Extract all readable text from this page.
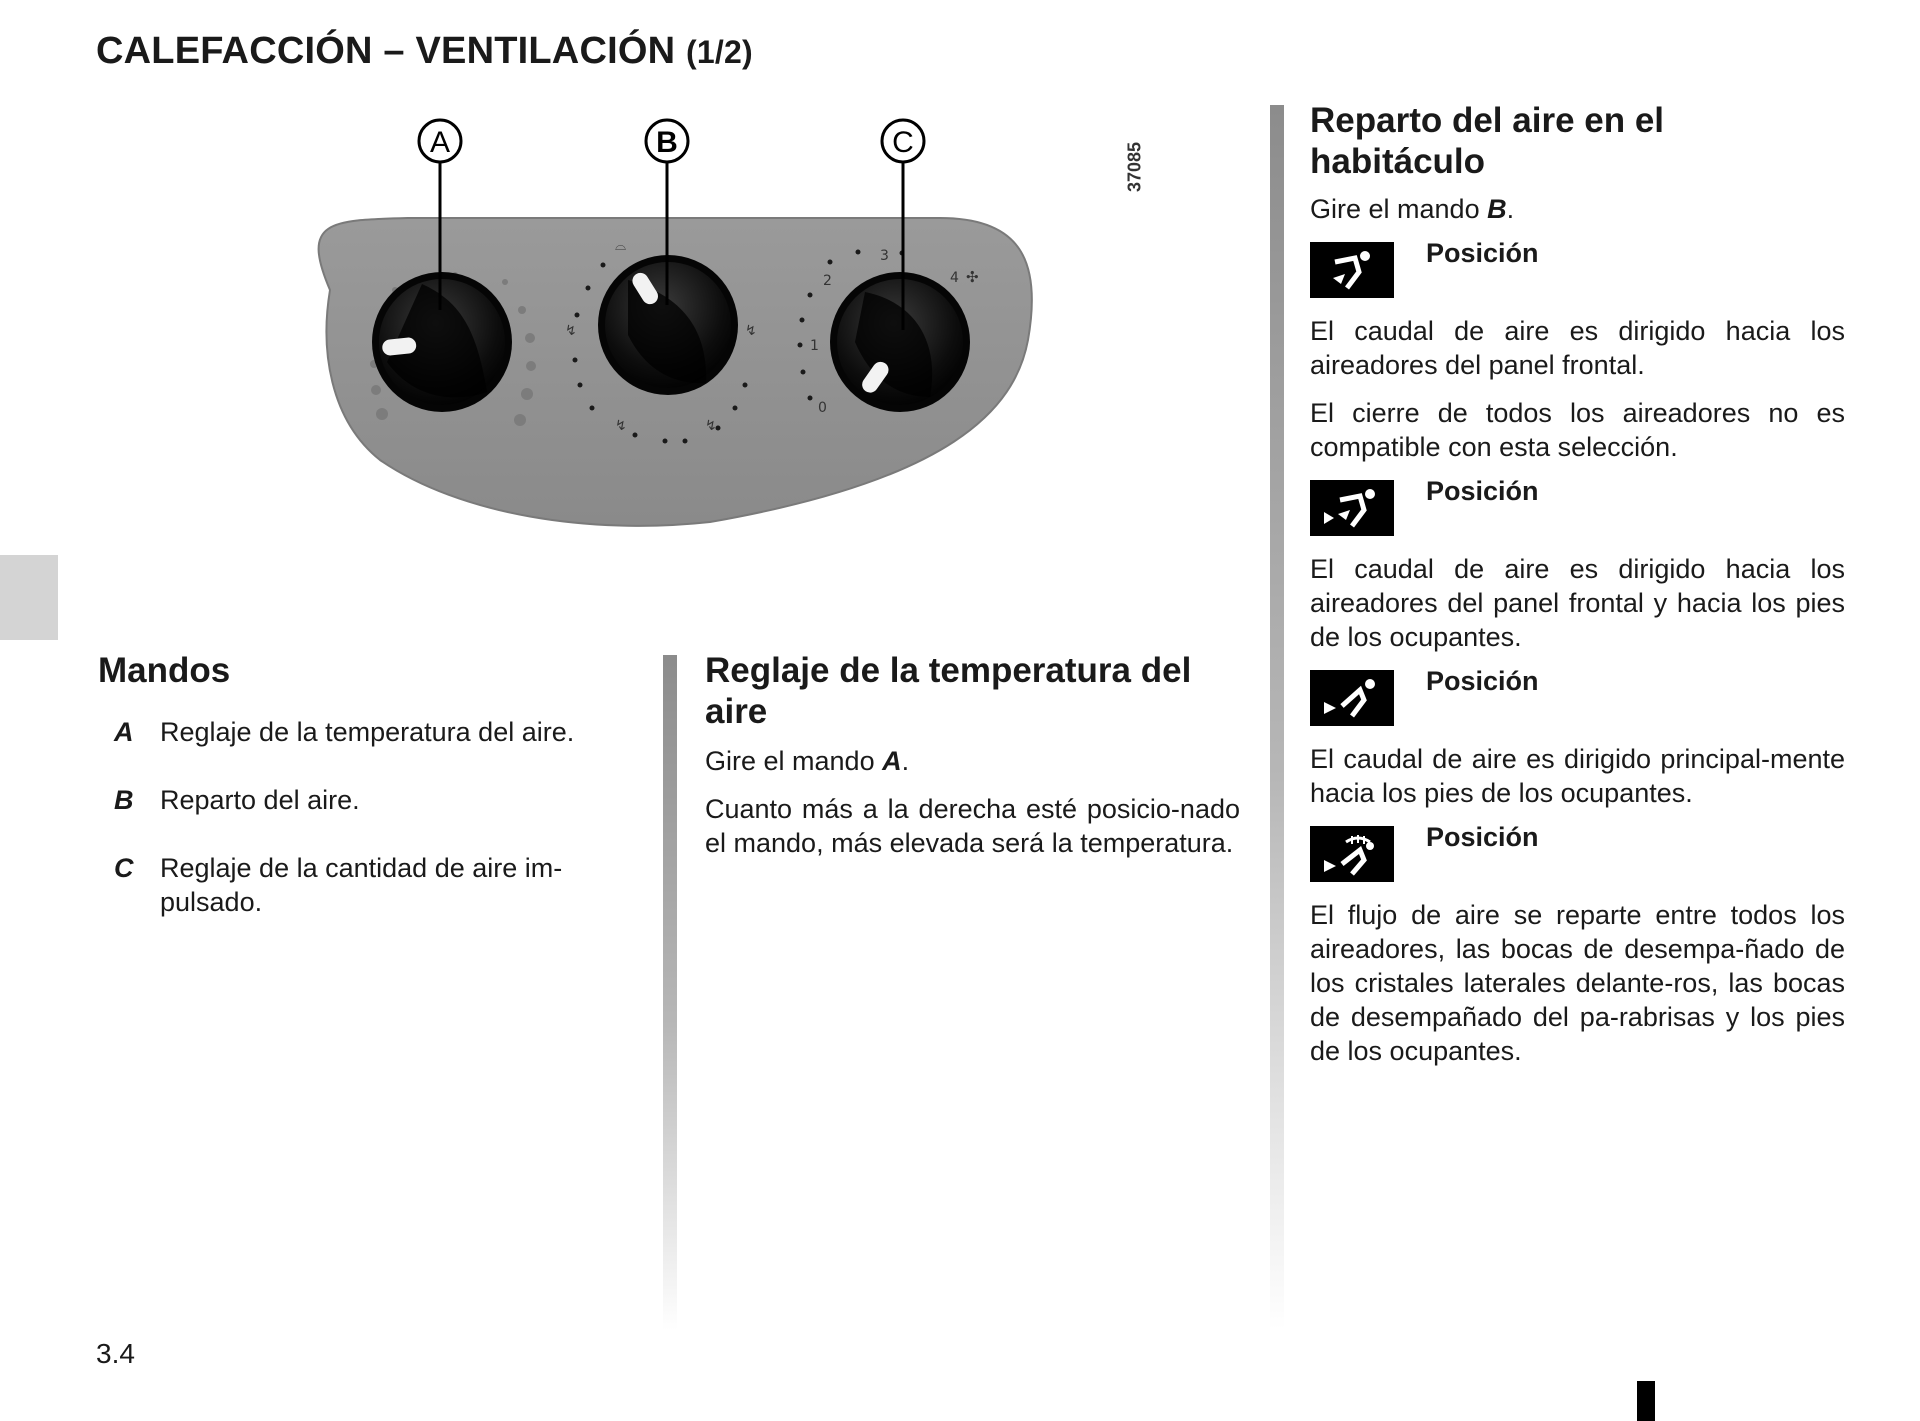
CALEFACCIÓN – VENTILACIÓN (1/2)
37085
⌓
↯	↯
↯	↯
2
3
4 ✣
1
0
A	B	C
Mandos
A Reglaje de la temperatura del aire.
B Reparto del aire.
C Reglaje de la cantidad de aire im-
pulsado.
Reglaje de la temperatura del aire
Gire el mando A.
Cuanto más a la derecha esté posicio-nado el mando, más elevada será la temperatura.
Reparto del aire en el habitáculo
Gire el mando B.
Posición
El caudal de aire es dirigido hacia los aireadores del panel frontal.
El cierre de todos los aireadores no es compatible con esta selección.
Posición
El caudal de aire es dirigido hacia los aireadores del panel frontal y hacia los pies de los ocupantes.
Posición
El caudal de aire es dirigido principal-mente hacia los pies de los ocupantes.
Posición
El flujo de aire se reparte entre todos los aireadores, las bocas de desempa-ñado de los cristales laterales delante-ros, las bocas de desempañado del pa-rabrisas y los pies de los ocupantes.
3.4
